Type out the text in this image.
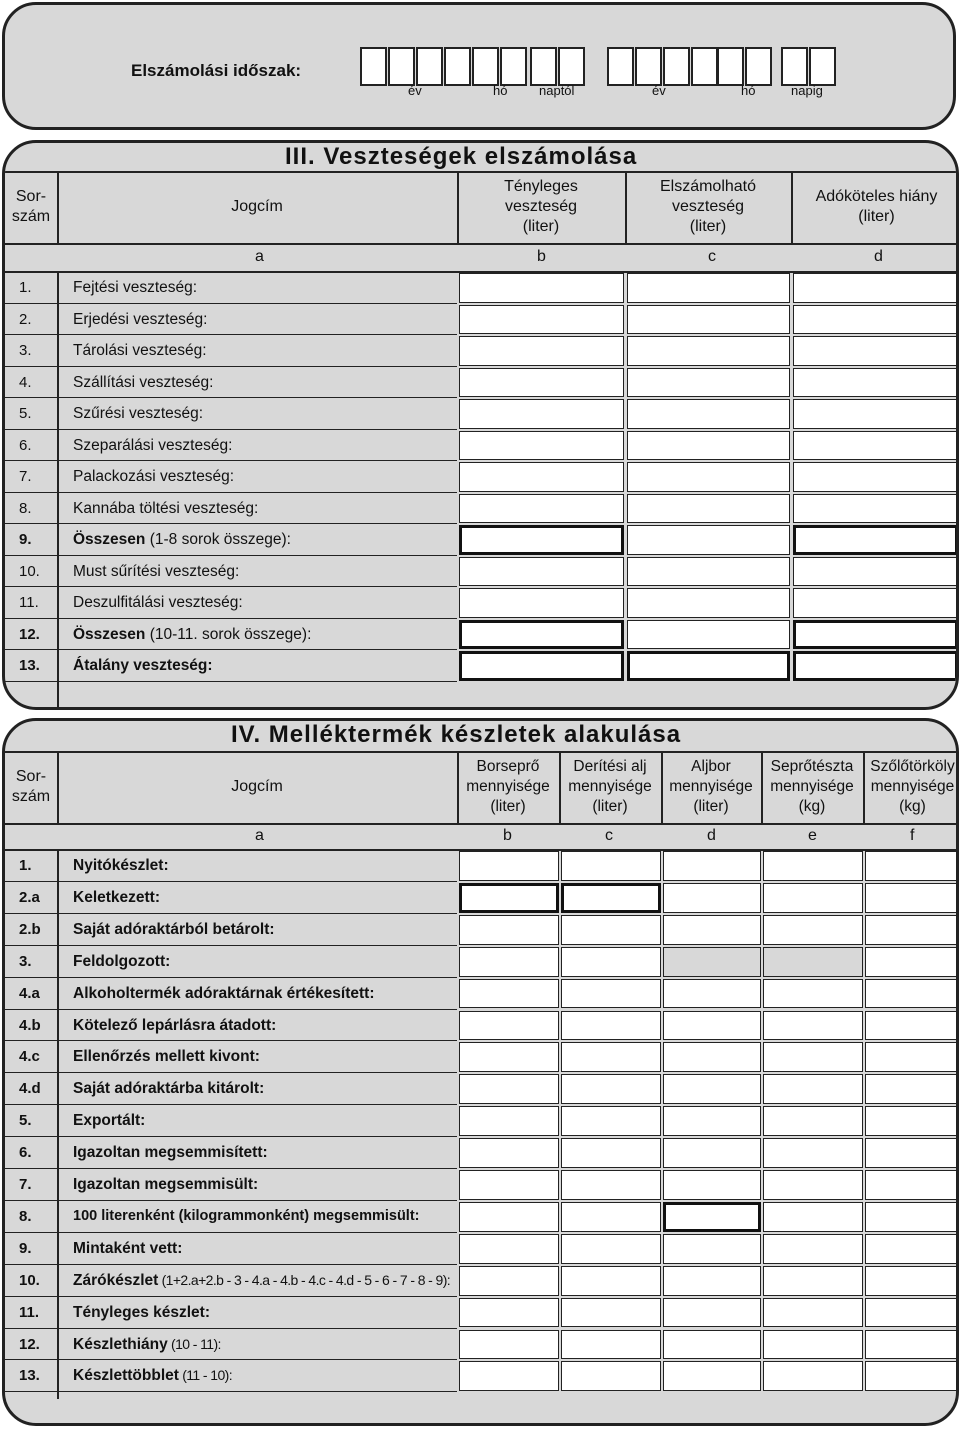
Elszámolási időszak:
év	hó naptól	év	hó	napig
III. Veszteségek elszámolása
Sor-
szám
Jogcím
Tényleges
veszteség
(liter)
Elszámolható
veszteség
(liter)
Adóköteles hiány
(liter)
a	b	c	d
1.	Fejtési veszteség:
2.	Erjedési veszteség:
3.	Tárolási veszteség:
4.	Szállítási veszteség:
5.	Szűrési veszteség:
6.	Szeparálási veszteség:
7.	Palackozási veszteség:
8.	Kannába töltési veszteség:
9.	Összesen (1-8 sorok összege):
10. Must sűrítési veszteség:
11. Deszulfitálási veszteség:
12. Összesen (10-11. sorok összege):
13. Átalány veszteség:
IV. Melléktermék készletek alakulása
Sor-
szám
Jogcím
Borseprő
mennyisége
(liter)
Derítési alj
mennyisége
(liter)
Aljbor
mennyisége
(liter)
Seprőtészta
mennyisége
(kg)
Szőlőtörköly
mennyisége
(kg)
a	b	c	d	e	f
1.	Nyitókészlet:
2.a Keletkezett:
2.b Saját adóraktárból betárolt:
3.	Feldolgozott:
4.a Alkoholtermék adóraktárnak értékesített:
4.b Kötelező lepárlásra átadott:
4.c Ellenőrzés mellett kivont:
4.d Saját adóraktárba kitárolt:
5.	Exportált:
6.	Igazoltan megsemmisített:
7.	Igazoltan megsemmisült:
8.	100 literenként (kilogrammonként) megsemmisült:
9.	Mintaként vett:
10. Zárókészlet (1+2.a+2.b - 3 - 4.a - 4.b - 4.c - 4.d - 5 - 6 - 7 - 8 - 9):
11. Tényleges készlet:
12. Készlethiány (10 - 11):
13. Készlettöbblet (11 - 10):
